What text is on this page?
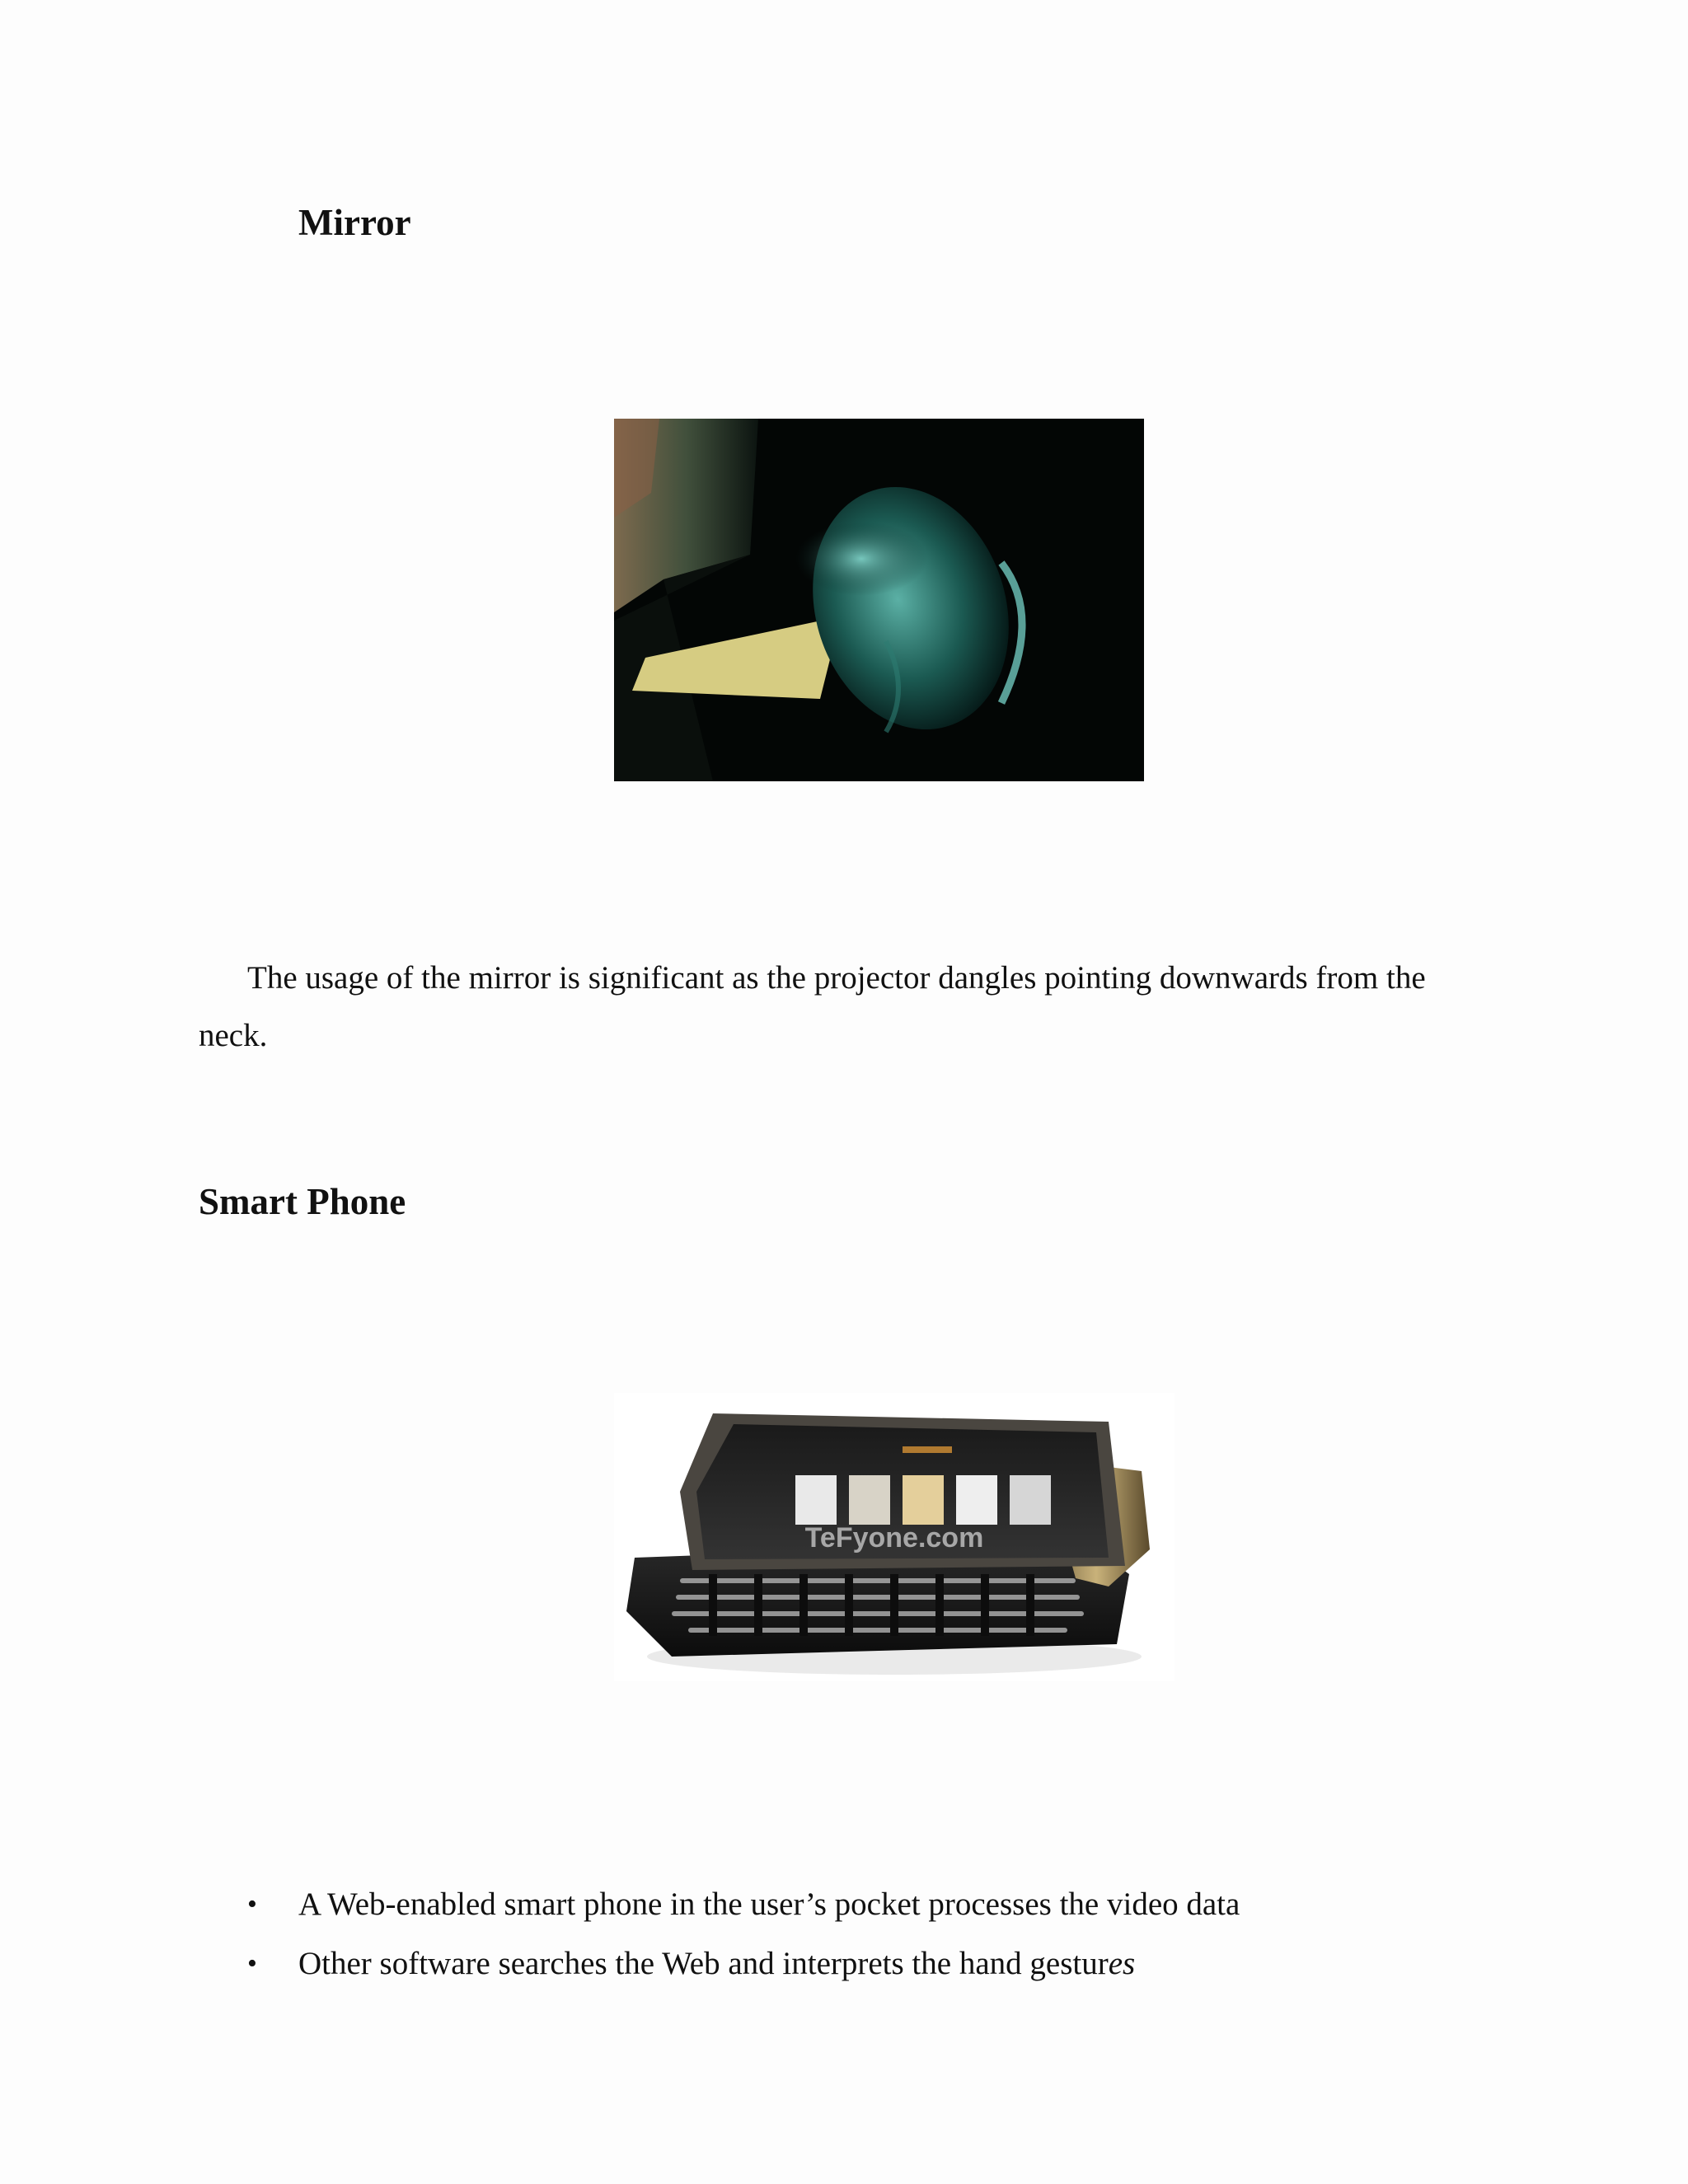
Mirror

The usage of the mirror is significant as the projector dangles pointing downwards from the

neck.

Smart Phone
TeFyone.com
• A Web-enabled smart phone in the user’s pocket processes the video data
• Other software searches the Web and interprets the hand gestures
